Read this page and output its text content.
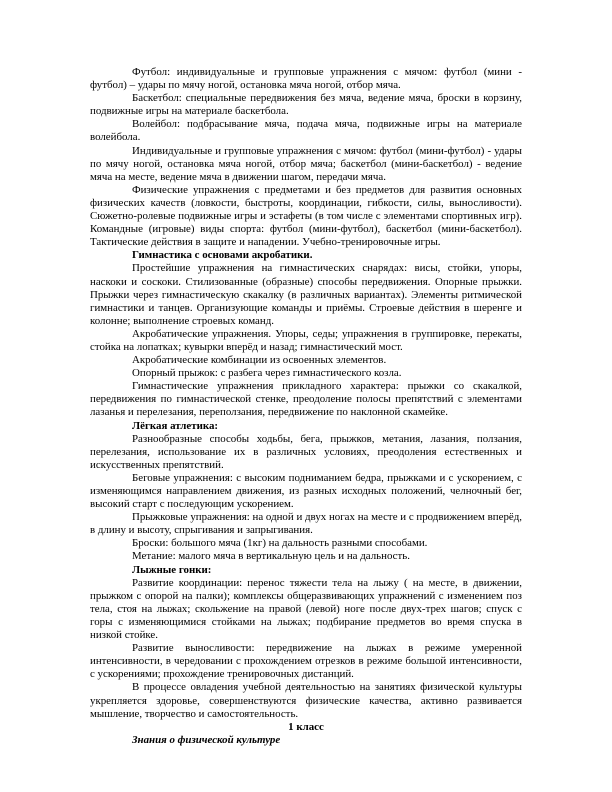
Футбол: индивидуальные и групповые упражнения с мячом: футбол (мини - футбол) – удары по мячу ногой, остановка мяча ногой, отбор мяча.

Баскетбол: специальные передвижения без мяча, ведение мяча, броски в корзину, подвижные игры на материале баскетбола.

Волейбол: подбрасывание мяча, подача мяча, подвижные игры на материале волейбола.

Индивидуальные и групповые упражнения с мячом: футбол (мини-футбол) - удары по мячу ногой, остановка мяча ногой, отбор мяча; баскетбол (мини-баскетбол) - ведение мяча на месте, ведение мяча в движении шагом, передачи мяча.

Физические упражнения с предметами и без предметов для развития основных физических качеств (ловкости, быстроты, координации, гибкости, силы, выносливости). Сюжетно-ролевые подвижные игры и эстафеты (в том числе с элементами спортивных игр). Командные (игровые) виды спорта: футбол (мини-футбол), баскетбол (мини-баскетбол). Тактические действия в защите и нападении. Учебно-тренировочные игры.

Гимнастика с основами акробатики.

Простейшие упражнения на гимнастических снарядах: висы, стойки, упоры, наскоки и соскоки. Стилизованные (образные) способы передвижения. Опорные прыжки. Прыжки через гимнастическую скакалку (в различных вариантах). Элементы ритмической гимнастики и танцев. Организующие команды и приёмы. Строевые действия в шеренге и колонне; выполнение строевых команд.

Акробатические упражнения. Упоры, седы; упражнения в группировке, перекаты, стойка на лопатках; кувырки вперёд и назад; гимнастический мост.

Акробатические комбинации из освоенных элементов.

Опорный прыжок: с разбега через гимнастического козла.

Гимнастические упражнения прикладного характера: прыжки со скакалкой, передвижения по гимнастической стенке, преодоление полосы препятствий с элементами лазанья и перелезания, переползания, передвижение по наклонной скамейке.

Лёгкая атлетика:

Разнообразные способы ходьбы, бега, прыжков, метания, лазания, ползания, перелезания, использование их в различных условиях, преодоления естественных и искусственных препятствий.

Беговые упражнения: с высоким подниманием бедра, прыжками и с ускорением, с изменяющимся направлением движения, из разных исходных положений, челночный бег, высокий старт с последующим ускорением.

Прыжковые упражнения: на одной и двух ногах на месте и с продвижением вперёд, в длину и высоту, спрыгивания и запрыгивания.

Броски: большого мяча (1кг) на дальность разными способами.

Метание: малого мяча в вертикальную цель и на дальность.

Лыжные гонки:

Развитие координации: перенос тяжести тела на лыжу ( на месте, в движении, прыжком с опорой на палки); комплексы общеразвивающих упражнений с изменением поз тела, стоя на лыжах; скольжение на правой (левой) ноге после двух-трех шагов; спуск с горы с изменяющимися стойками на лыжах; подбирание предметов во время спуска в низкой стойке.

Развитие выносливости: передвижение на лыжах в режиме умеренной интенсивности, в чередовании с прохождением отрезков в режиме большой интенсивности, с ускорениями; прохождение тренировочных дистанций.

В процессе овладения учебной деятельностью на занятиях физической культуры укрепляется здоровье, совершенствуются физические качества, активно развивается мышление, творчество и самостоятельность.

1 класс

Знания о физической культуре
